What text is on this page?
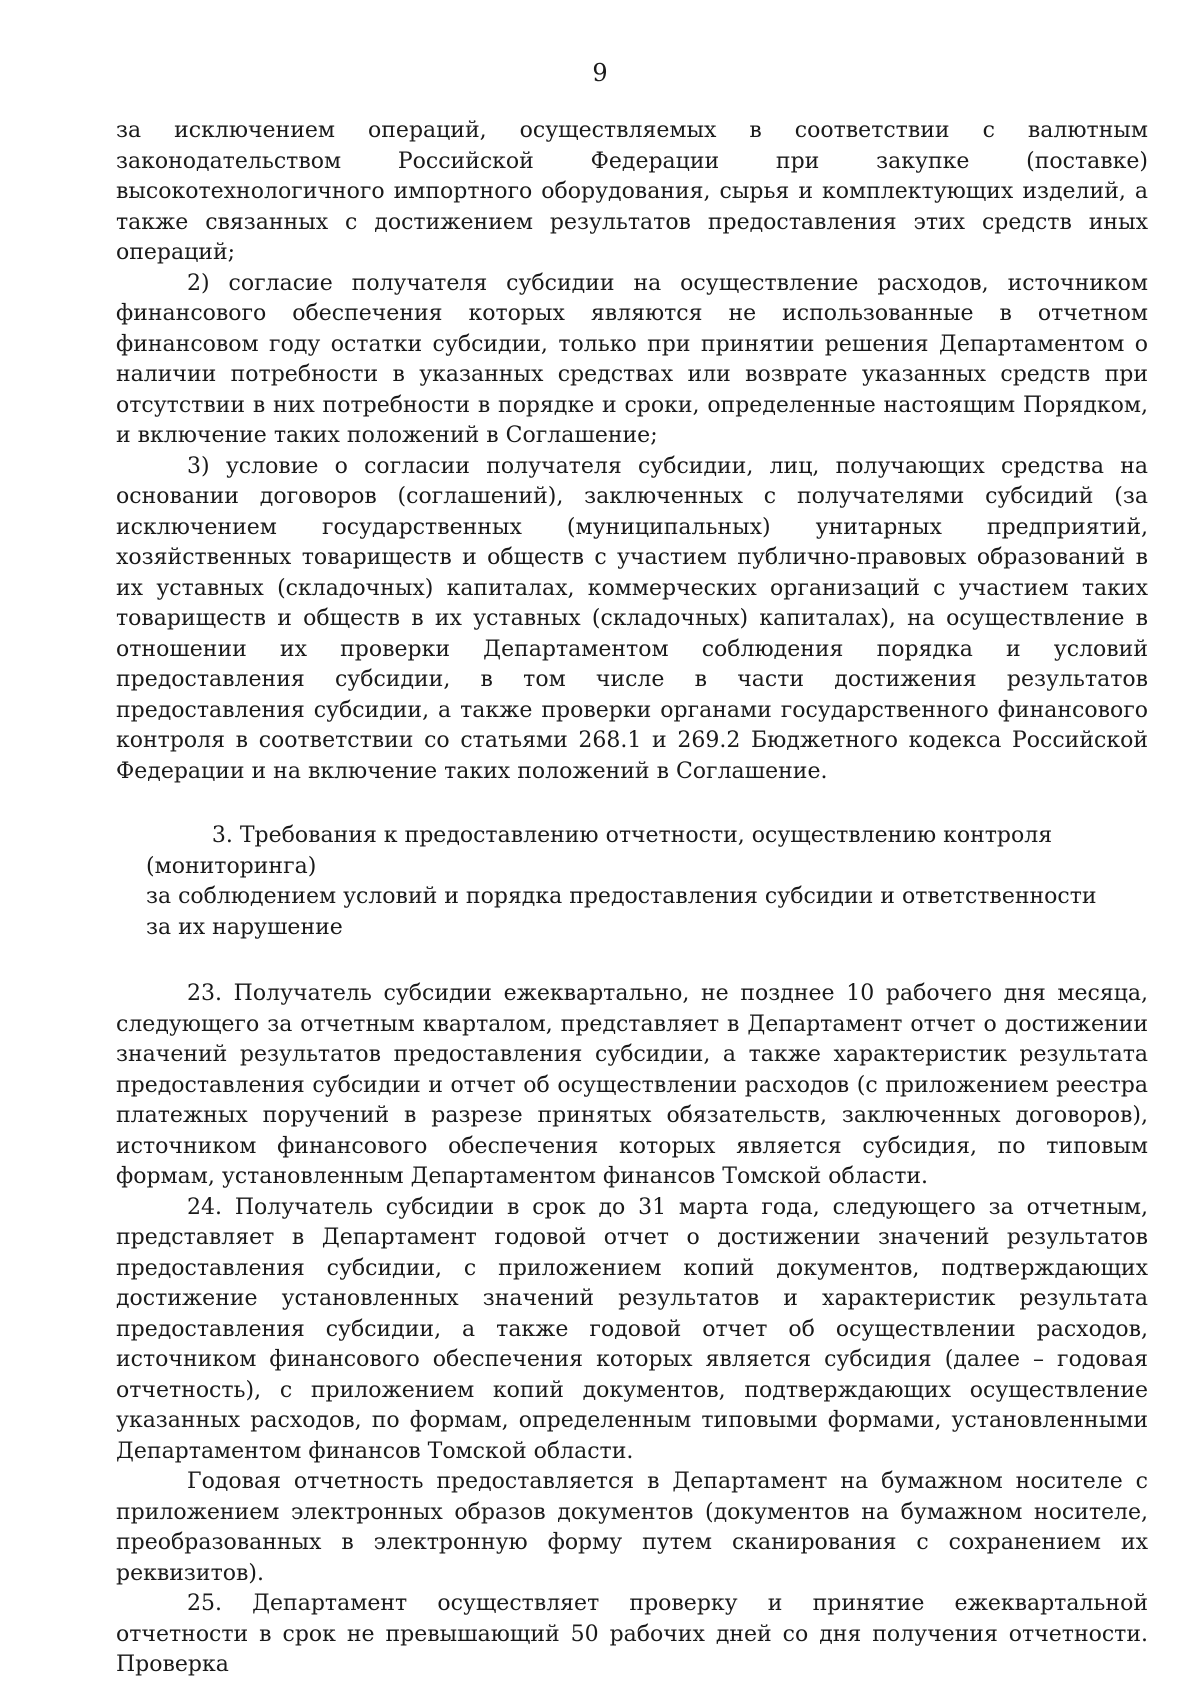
9

за исключением операций, осуществляемых в соответствии с валютным законодательством Российской Федерации при закупке (поставке) высокотехнологичного импортного оборудования, сырья и комплектующих изделий, а также связанных с достижением результатов предоставления этих средств иных операций;

2) согласие получателя субсидии на осуществление расходов, источником финансового обеспечения которых являются не использованные в отчетном финансовом году остатки субсидии, только при принятии решения Департаментом о наличии потребности в указанных средствах или возврате указанных средств при отсутствии в них потребности в порядке и сроки, определенные настоящим Порядком, и включение таких положений в Соглашение;

3) условие о согласии получателя субсидии, лиц, получающих средства на основании договоров (соглашений), заключенных с получателями субсидий (за исключением государственных (муниципальных) унитарных предприятий, хозяйственных товариществ и обществ с участием публично-правовых образований в их уставных (складочных) капиталах, коммерческих организаций с участием таких товариществ и обществ в их уставных (складочных) капиталах), на осуществление в отношении их проверки Департаментом соблюдения порядка и условий предоставления субсидии, в том числе в части достижения результатов предоставления субсидии, а также проверки органами государственного финансового контроля в соответствии со статьями 268.1 и 269.2 Бюджетного кодекса Российской Федерации и на включение таких положений в Соглашение.

3. Требования к предоставлению отчетности, осуществлению контроля (мониторинга)

за соблюдением условий и порядка предоставления субсидии и ответственности

за их нарушение

23. Получатель субсидии ежеквартально, не позднее 10 рабочего дня месяца, следующего за отчетным кварталом, представляет в Департамент отчет о достижении значений результатов предоставления субсидии, а также характеристик результата предоставления субсидии и отчет об осуществлении расходов (с приложением реестра платежных поручений в разрезе принятых обязательств, заключенных договоров), источником финансового обеспечения которых является субсидия, по типовым формам, установленным Департаментом финансов Томской области.

24. Получатель субсидии в срок до 31 марта года, следующего за отчетным, представляет в Департамент годовой отчет о достижении значений результатов предоставления субсидии, с приложением копий документов, подтверждающих достижение установленных значений результатов и характеристик результата предоставления субсидии, а также годовой отчет об осуществлении расходов, источником финансового обеспечения которых является субсидия (далее – годовая отчетность), с приложением копий документов, подтверждающих осуществление указанных расходов, по формам, определенным типовыми формами, установленными Департаментом финансов Томской области.

Годовая отчетность предоставляется в Департамент на бумажном носителе с приложением электронных образов документов (документов на бумажном носителе, преобразованных в электронную форму путем сканирования с сохранением их реквизитов).

25. Департамент осуществляет проверку и принятие ежеквартальной отчетности в срок не превышающий 50 рабочих дней со дня получения отчетности. Проверка
